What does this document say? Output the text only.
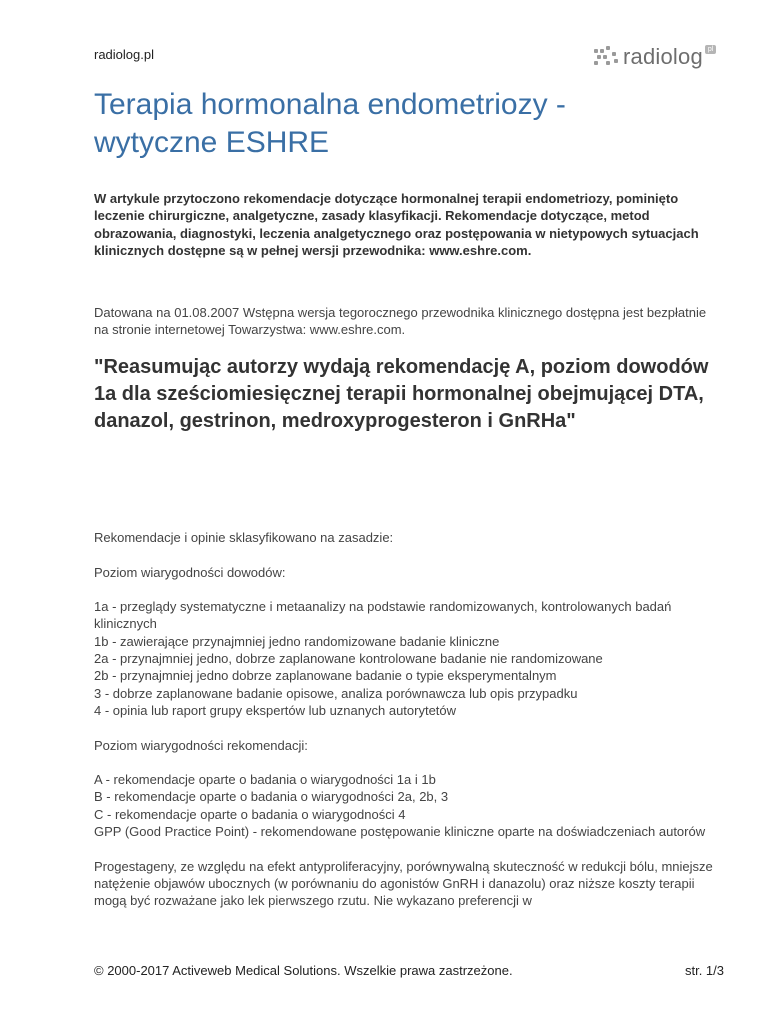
radiolog.pl	radiolog pl
Terapia hormonalna endometriozy -
wytyczne ESHRE
W artykule przytoczono rekomendacje dotyczące hormonalnej terapii endometriozy, pominięto leczenie chirurgiczne, analgetyczne, zasady klasyfikacji. Rekomendacje dotyczące, metod obrazowania, diagnostyki, leczenia analgetycznego oraz postępowania w nietypowych sytuacjach klinicznych dostępne są w pełnej wersji przewodnika: www.eshre.com.
Datowana na 01.08.2007 Wstępna wersja tegorocznego przewodnika klinicznego dostępna jest bezpłatnie na stronie internetowej Towarzystwa: www.eshre.com.
"Reasumując autorzy wydają rekomendację A, poziom dowodów 1a dla sześciomiesięcznej terapii hormonalnej obejmującej DTA, danazol, gestrinon, medroxyprogesteron i GnRHa"

Rekomendacje i opinie sklasyfikowano na zasadzie:

Poziom wiarygodności dowodów:

1a - przeglądy systematyczne i metaanalizy na podstawie randomizowanych, kontrolowanych badań klinicznych

1b - zawierające przynajmniej jedno randomizowane badanie kliniczne

2a - przynajmniej jedno, dobrze zaplanowane kontrolowane badanie nie randomizowane

2b - przynajmniej jedno dobrze zaplanowane badanie o typie eksperymentalnym

3 - dobrze zaplanowane badanie opisowe, analiza porównawcza lub opis przypadku

4 - opinia lub raport grupy ekspertów lub uznanych autorytetów

Poziom wiarygodności rekomendacji:

A - rekomendacje oparte o badania o wiarygodności 1a i 1b

B - rekomendacje oparte o badania o wiarygodności 2a, 2b, 3

C - rekomendacje oparte o badania o wiarygodności 4

GPP (Good Practice Point) - rekomendowane postępowanie kliniczne oparte na doświadczeniach autorów

Progestageny, ze względu na efekt antyproliferacyjny, porównywalną skuteczność w redukcji bólu, mniejsze natężenie objawów ubocznych (w porównaniu do agonistów GnRH i danazolu) oraz niższe koszty terapii mogą być rozważane jako lek pierwszego rzutu. Nie wykazano preferencji w

© 2000-2017 Activeweb Medical Solutions. Wszelkie prawa zastrzeżone.	str. 1/3
